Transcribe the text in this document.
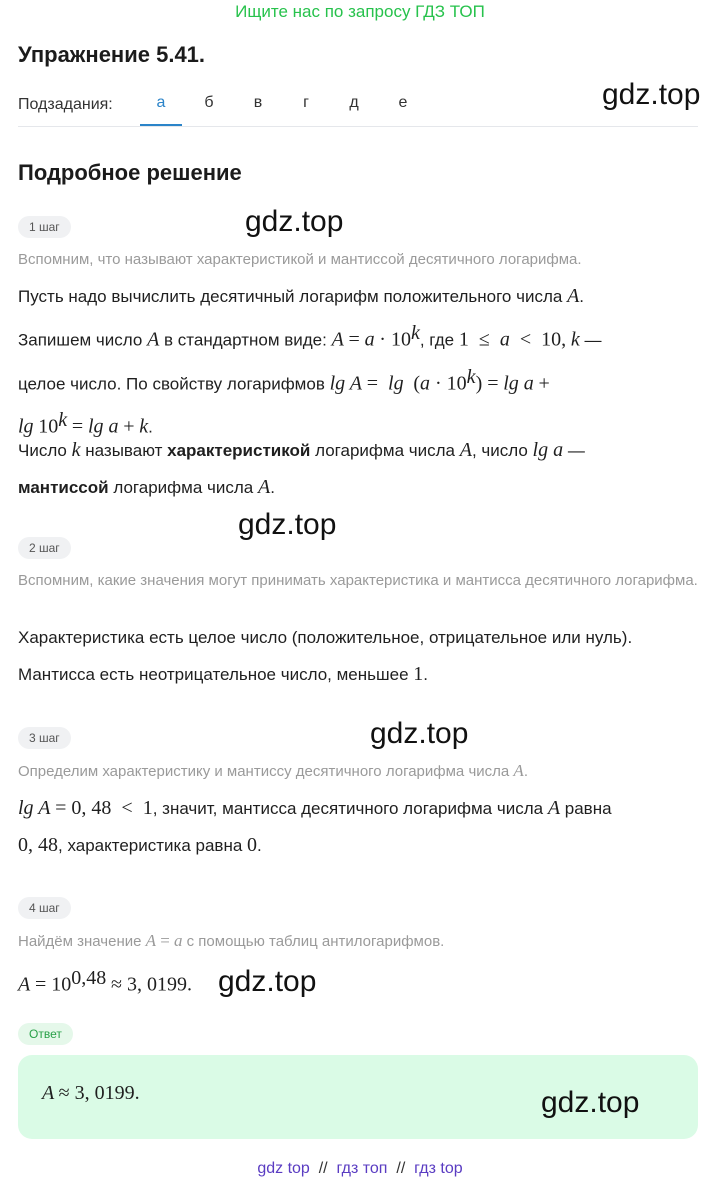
Ищите нас по запросу ГДЗ ТОП
Упражнение 5.41.
Подзадания:	а	б	в	г	д	е	gdz.top
Подробное решение
1 шаг	gdz.top
Вспомним, что называют характеристикой и мантиссой десятичного логарифма.
Пусть надо вычислить десятичный логарифм положительного числа A.
Запишем число A в стандартном виде: $A = a \cdot 10^k$, где 1  ≤  a  <  10, k —
целое число. По свойству логарифмов $\lg A = \lg (a \cdot 10^k) = \lg a$ +
$\lg 10^k = \lg a + k$.
Число k называют характеристикой логарифма числа A, число lg a —
мантиссой логарифма числа A.
gdz.top
2 шаг
Вспомним, какие значения могут принимать характеристика и мантисса десятичного логарифма.
Характеристика есть целое число (положительное, отрицательное или нуль).
Мантисса есть неотрицательное число, меньшее 1.
3 шаг	gdz.top
Определим характеристику и мантиссу десятичного логарифма числа A.
lg A = 0, 48  <  1, значит, мантисса десятичного логарифма числа A равна
0, 48, характеристика равна 0.
4 шаг
Найдём значение A = a с помощью таблиц антилогарифмов.
$A = 10^{0,48} \approx 3$, 0199. gdz.top
Ответ
A ≈ 3, 0199.	gdz.top
gdz top // гдз топ // гдз top
